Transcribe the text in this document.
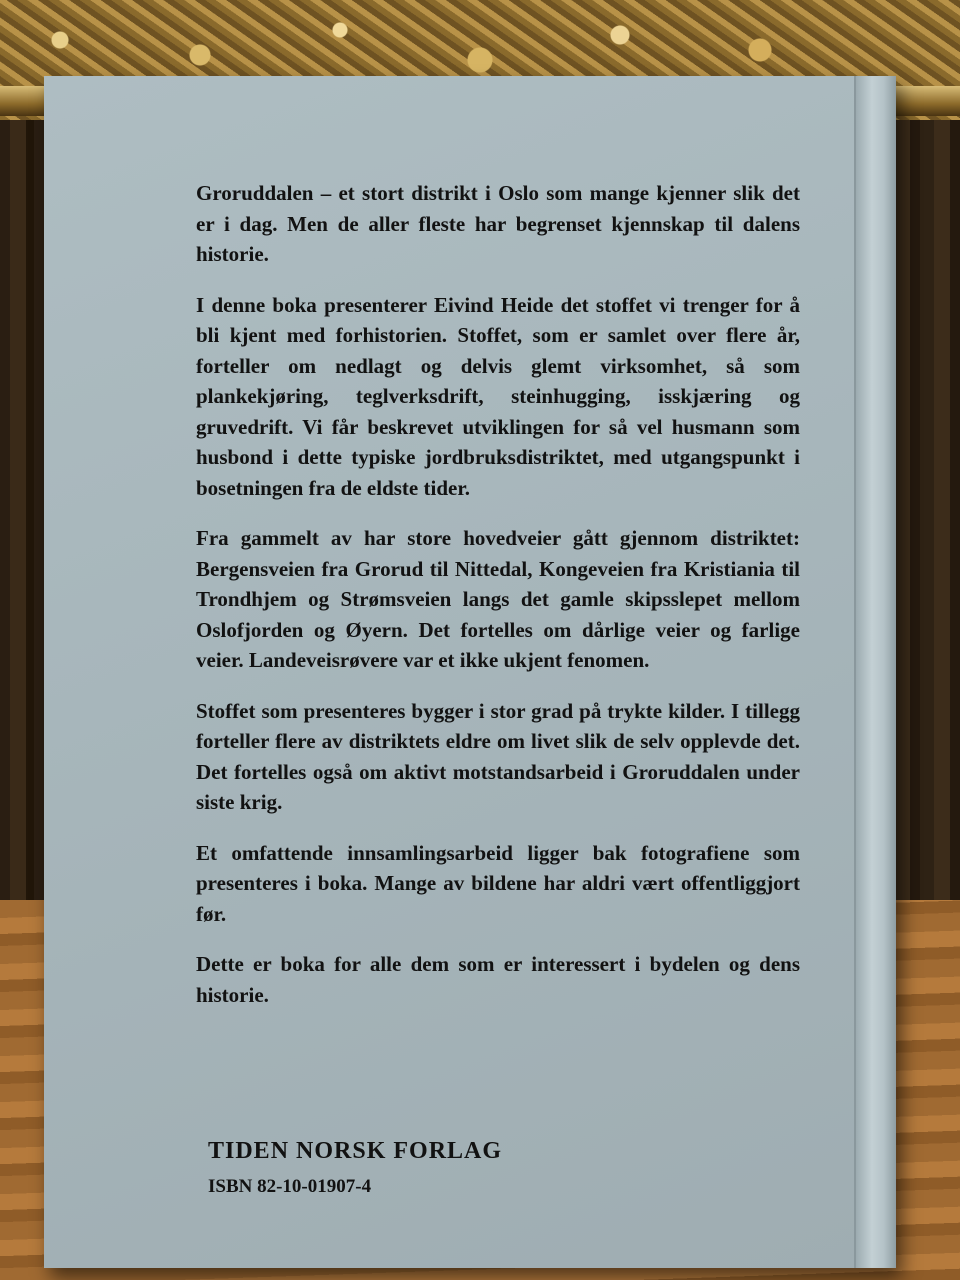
Groruddalen – et stort distrikt i Oslo som mange kjenner slik det er i dag. Men de aller fleste har begrenset kjennskap til dalens historie.

I denne boka presenterer Eivind Heide det stoffet vi trenger for å bli kjent med forhistorien. Stoffet, som er samlet over flere år, forteller om nedlagt og delvis glemt virksomhet, så som plankekjøring, teglverksdrift, steinhugging, isskjæring og gruvedrift. Vi får beskrevet utviklingen for så vel husmann som husbond i dette typiske jordbruksdistriktet, med utgangspunkt i bosetningen fra de eldste tider.

Fra gammelt av har store hovedveier gått gjennom distriktet: Bergensveien fra Grorud til Nittedal, Kongeveien fra Kristiania til Trondhjem og Strømsveien langs det gamle skipsslepet mellom Oslofjorden og Øyern. Det fortelles om dårlige veier og farlige veier. Landeveisrøvere var et ikke ukjent fenomen.

Stoffet som presenteres bygger i stor grad på trykte kilder. I tillegg forteller flere av distriktets eldre om livet slik de selv opplevde det. Det fortelles også om aktivt motstandsarbeid i Groruddalen under siste krig.

Et omfattende innsamlingsarbeid ligger bak fotografiene som presenteres i boka. Mange av bildene har aldri vært offentliggjort før.

Dette er boka for alle dem som er interessert i bydelen og dens historie.

TIDEN NORSK FORLAG
ISBN 82-10-01907-4
